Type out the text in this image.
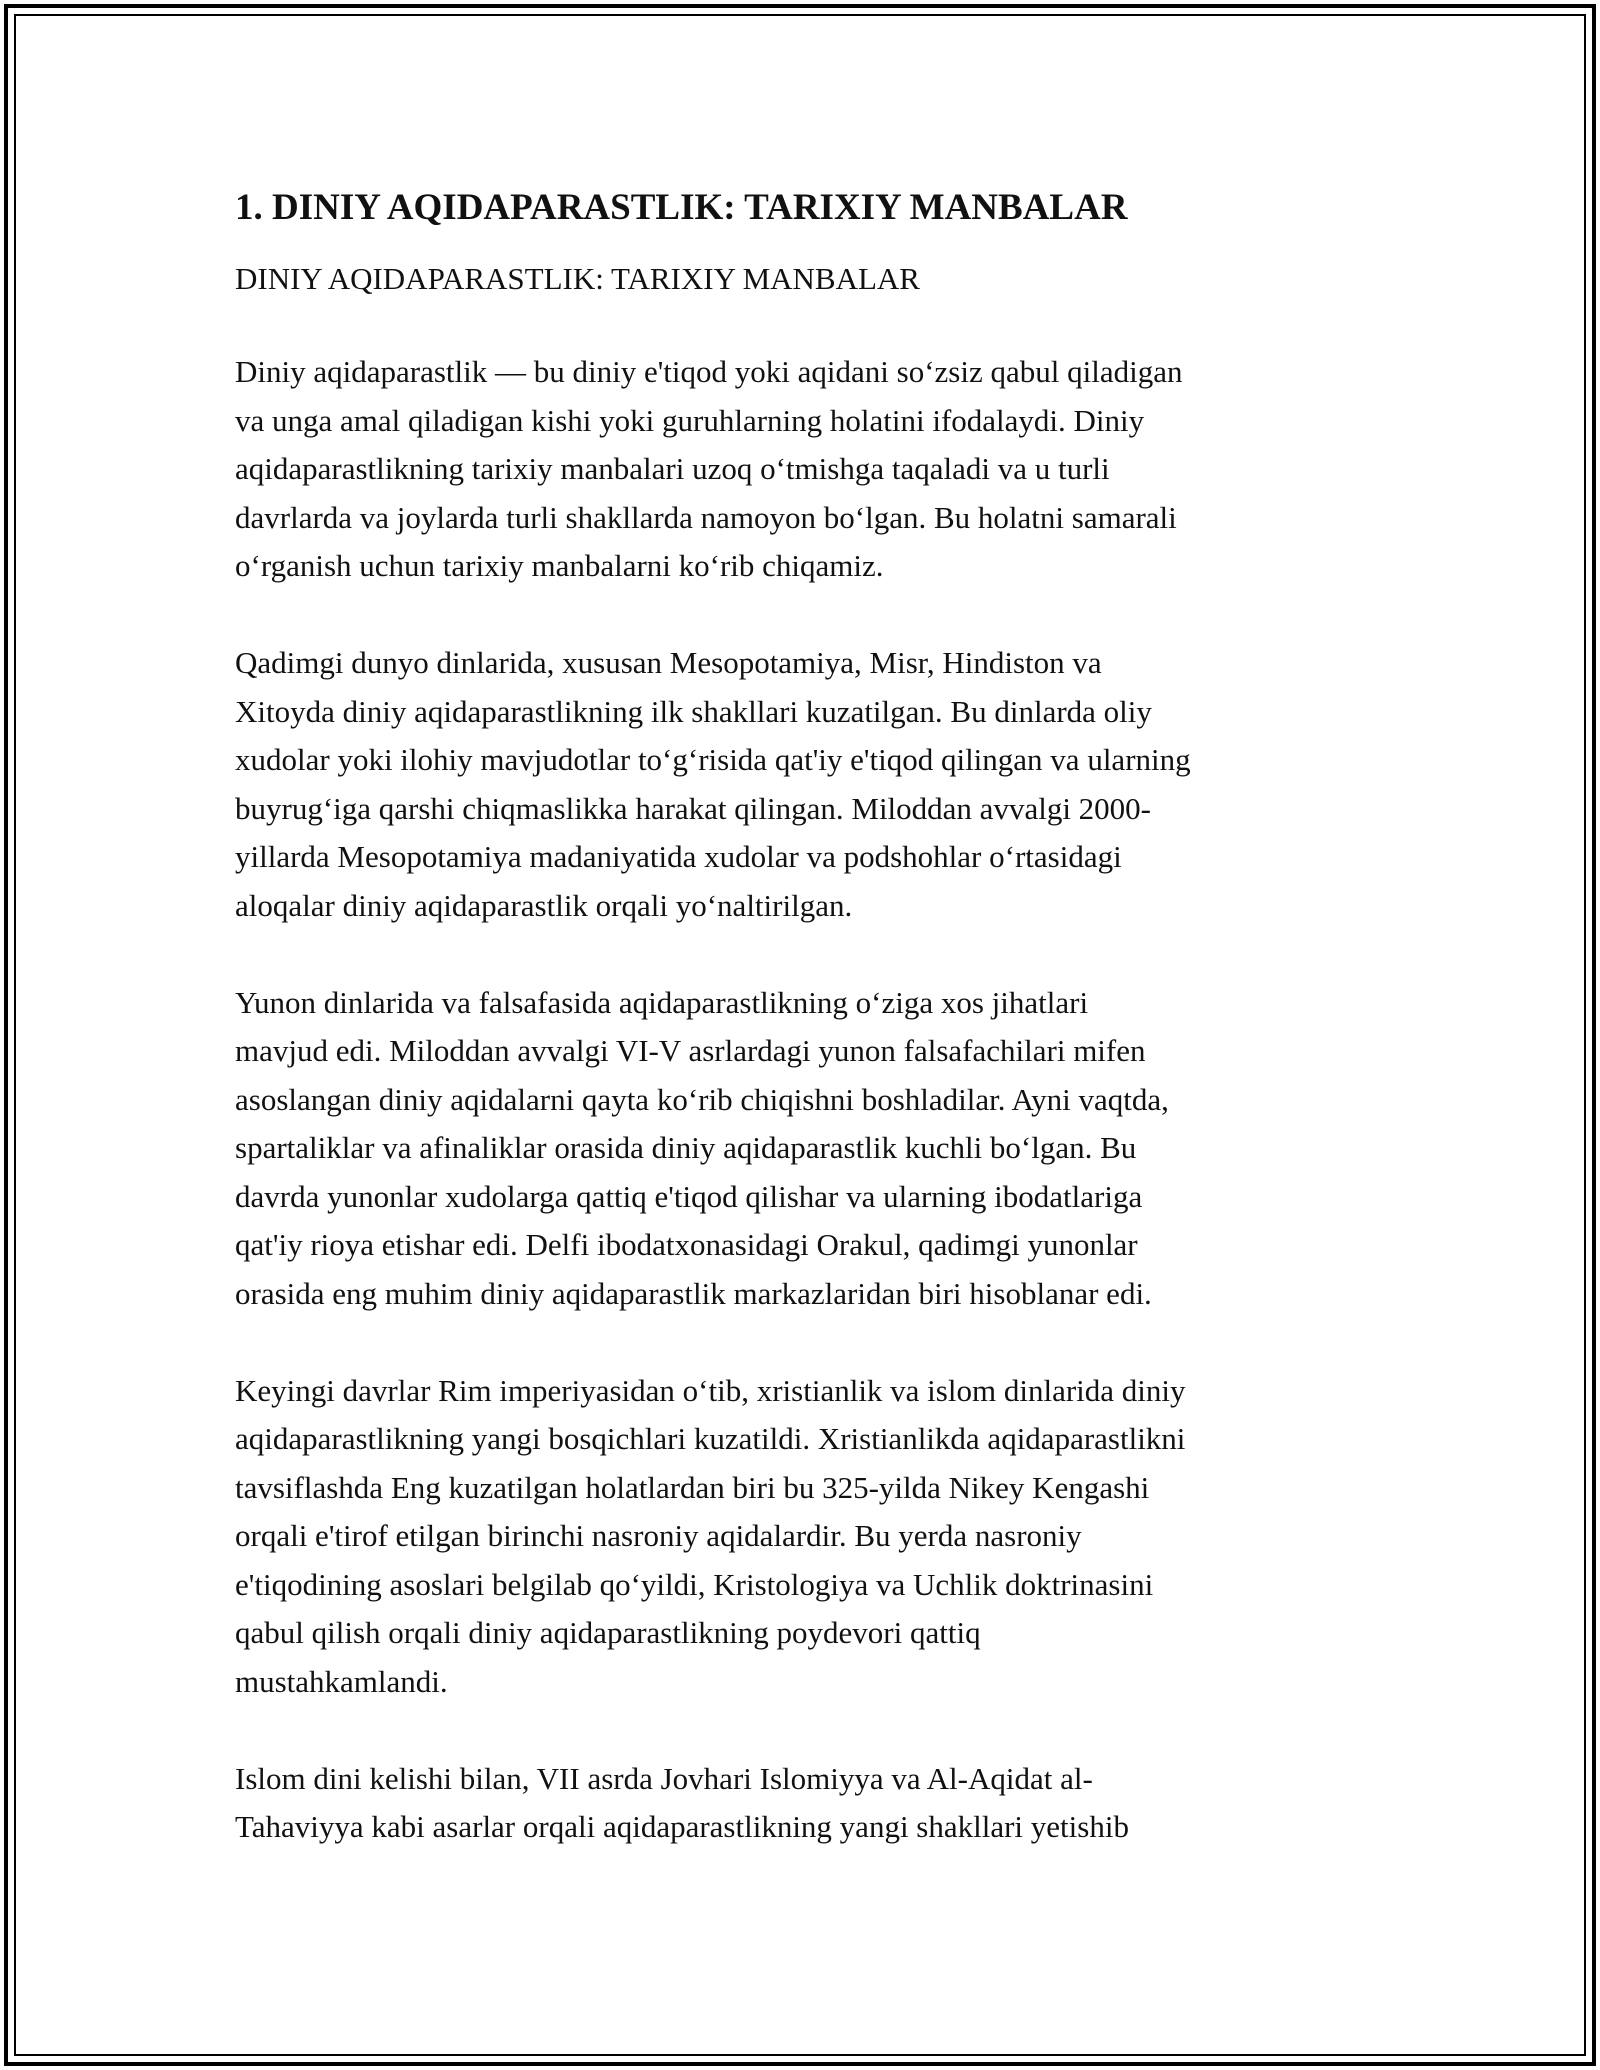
1. DINIY AQIDAPARASTLIK: TARIXIY MANBALAR
DINIY AQIDAPARASTLIK: TARIXIY MANBALAR

Diniy aqidaparastlik — bu diniy e'tiqod yoki aqidani so‘zsiz qabul qiladigan
va unga amal qiladigan kishi yoki guruhlarning holatini ifodalaydi. Diniy
aqidaparastlikning tarixiy manbalari uzoq o‘tmishga taqaladi va u turli
davrlarda va joylarda turli shakllarda namoyon bo‘lgan. Bu holatni samarali
o‘rganish uchun tarixiy manbalarni ko‘rib chiqamiz.

Qadimgi dunyo dinlarida, xususan Mesopotamiya, Misr, Hindiston va
Xitoyda diniy aqidaparastlikning ilk shakllari kuzatilgan. Bu dinlarda oliy
xudolar yoki ilohiy mavjudotlar to‘g‘risida qat'iy e'tiqod qilingan va ularning
buyrug‘iga qarshi chiqmaslikka harakat qilingan. Miloddan avvalgi 2000-
yillarda Mesopotamiya madaniyatida xudolar va podshohlar o‘rtasidagi
aloqalar diniy aqidaparastlik orqali yo‘naltirilgan.

Yunon dinlarida va falsafasida aqidaparastlikning o‘ziga xos jihatlari
mavjud edi. Miloddan avvalgi VI-V asrlardagi yunon falsafachilari mifen
asoslangan diniy aqidalarni qayta ko‘rib chiqishni boshladilar. Ayni vaqtda,
spartaliklar va afinaliklar orasida diniy aqidaparastlik kuchli bo‘lgan. Bu
davrda yunonlar xudolarga qattiq e'tiqod qilishar va ularning ibodatlariga
qat'iy rioya etishar edi. Delfi ibodatxonasidagi Orakul, qadimgi yunonlar
orasida eng muhim diniy aqidaparastlik markazlaridan biri hisoblanar edi.

Keyingi davrlar Rim imperiyasidan o‘tib, xristianlik va islom dinlarida diniy
aqidaparastlikning yangi bosqichlari kuzatildi. Xristianlikda aqidaparastlikni
tavsiflashda Eng kuzatilgan holatlardan biri bu 325-yilda Nikey Kengashi
orqali e'tirof etilgan birinchi nasroniy aqidalardir. Bu yerda nasroniy
e'tiqodining asoslari belgilab qo‘yildi, Kristologiya va Uchlik doktrinasini
qabul qilish orqali diniy aqidaparastlikning poydevori qattiq
mustahkamlandi.

Islom dini kelishi bilan, VII asrda Jovhari Islomiyya va Al-Aqidat al-
Tahaviyya kabi asarlar orqali aqidaparastlikning yangi shakllari yetishib
